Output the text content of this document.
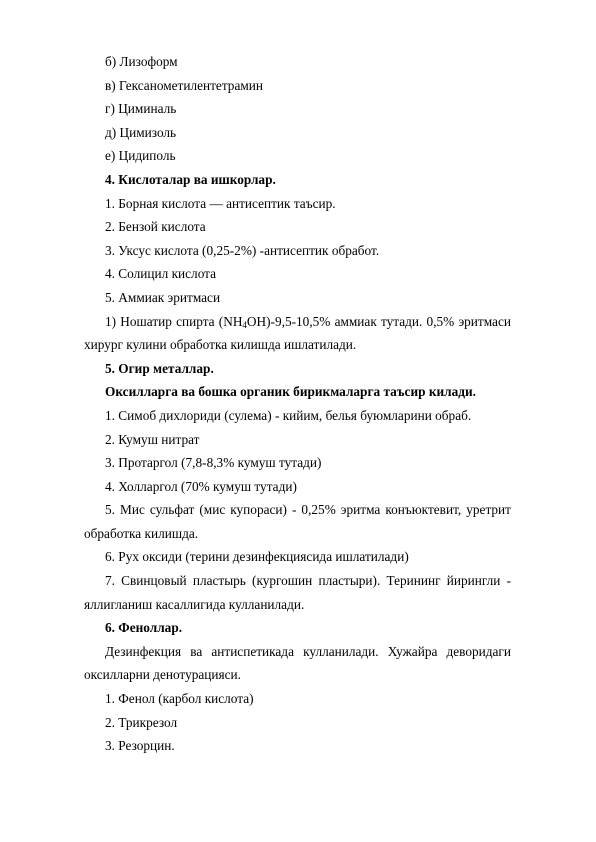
б) Лизоформ
в) Гексанометилентетрамин
г) Циминаль
д) Цимизоль
е) Цидиполь
4. Кислоталар ва ишкорлар.
1. Борная кислота — антисептик таъсир.
2. Бензой кислота
3. Уксус кислота (0,25-2%) -антисептик обработ.
4. Солицил кислота
5. Аммиак эритмаси
1) Ношатир спирта $(NH_4OH)-9,5-10,5\%$ аммиак тутади. 0,5% эритмаси хирург кулини обработка килишда ишлатилади.
5. Огир металлар.
Оксилларга ва бошка органик бирикмаларга таъсир килади.
1. Симоб дихлориди (сулема) - кийим, белья буюмларини обраб.
2. Кумуш нитрат
3. Протаргол (7,8-8,3% кумуш тутади)
4. Холларгол (70% кумуш тутади)
5. Мис сульфат (мис купораси) - 0,25% эритма конъюктевит, уретрит обработка килишда.
6. Рух оксиди (терини дезинфекциясида ишлатилади)
7. Свинцовый пластырь (кургошин пластыри). Терининг йирингли - яллигланиш касаллигида кулланилади.
6. Феноллар.
Дезинфекция ва антиспетикада кулланилади. Хужайра деворидаги оксилларни денотурацияси.
1. Фенол (карбол кислота)
2. Трикрезол
3. Резорцин.
